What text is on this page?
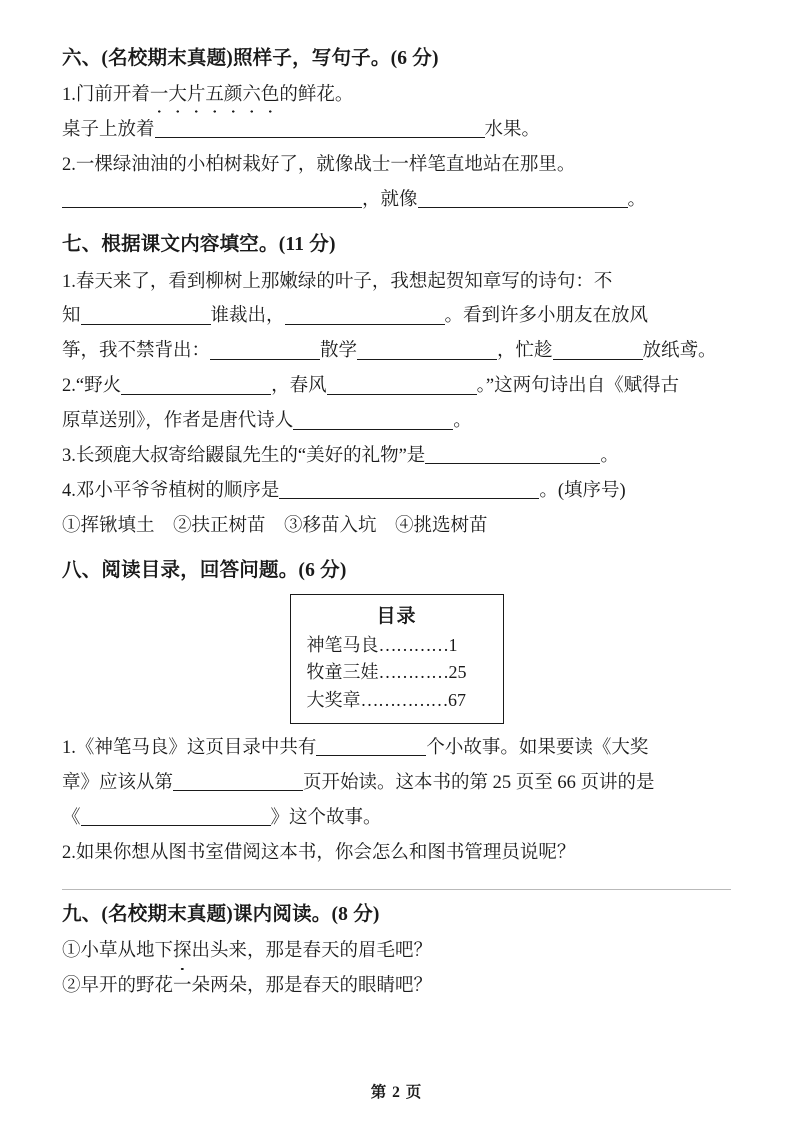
六、(名校期末真题)照样子，写句子。(6 分)
1.门前开着一大片五颜六色的鲜花。
桌子上放着	水果。
2.一棵绿油油的小柏树栽好了，就像战士一样笔直地站在那里。
，就像	。
七、根据课文内容填空。(11 分)
1.春天来了，看到柳树上那嫩绿的叶子，我想起贺知章写的诗句：不
知	谁裁出，	。看到许多小朋友在放风
筝，我不禁背出：	散学	，忙趁	放纸鸢。
2.“野火	，春风	。”这两句诗出自《赋得古
原草送别》，作者是唐代诗人	。
3.长颈鹿大叔寄给鼹鼠先生的“美好的礼物”是	。
4.邓小平爷爷植树的顺序是	。(填序号)
①挥锹填土　②扶正树苗　③移苗入坑　④挑选树苗
八、阅读目录，回答问题。(6 分)
目录
神笔马良…………1
牧童三娃…………25
大奖章……………67
1.《神笔马良》这页目录中共有	个小故事。如果要读《大奖
章》应该从第	页开始读。这本书的第 25 页至 66 页讲的是
《	》这个故事。
2.如果你想从图书室借阅这本书，你会怎么和图书管理员说呢？
九、(名校期末真题)课内阅读。(8 分)
①小草从地下探出头来，那是春天的眉毛吧？
②早开的野花一朵两朵，那是春天的眼睛吧？
第 2 页
